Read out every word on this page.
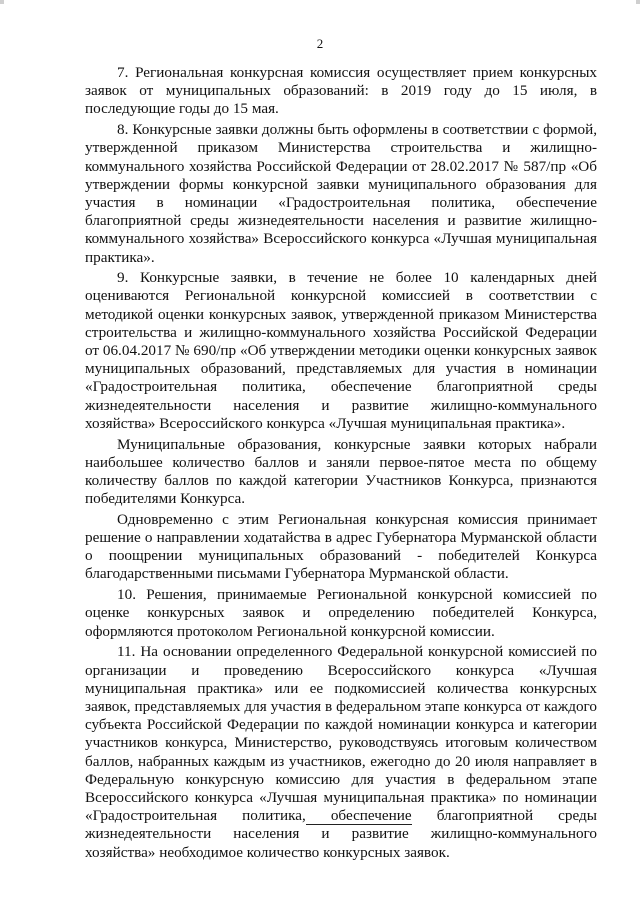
2

7. Региональная конкурсная комиссия осуществляет прием конкурсных заявок от муниципальных образований: в 2019 году до 15 июля, в последующие годы до 15 мая.

8. Конкурсные заявки должны быть оформлены в соответствии с формой, утвержденной приказом Министерства строительства и жилищно-коммунального хозяйства Российской Федерации от 28.02.2017 № 587/пр «Об утверждении формы конкурсной заявки муниципального образования для участия в номинации «Градостроительная политика, обеспечение благоприятной среды жизнедеятельности населения и развитие жилищно-коммунального хозяйства» Всероссийского конкурса «Лучшая муниципальная практика».

9. Конкурсные заявки, в течение не более 10 календарных дней оцениваются Региональной конкурсной комиссией в соответствии с методикой оценки конкурсных заявок, утвержденной приказом Министерства строительства и жилищно-коммунального хозяйства Российской Федерации от 06.04.2017 № 690/пр «Об утверждении методики оценки конкурсных заявок муниципальных образований, представляемых для участия в номинации «Градостроительная политика, обеспечение благоприятной среды жизнедеятельности населения и развитие жилищно-коммунального хозяйства» Всероссийского конкурса «Лучшая муниципальная практика».

Муниципальные образования, конкурсные заявки которых набрали наибольшее количество баллов и заняли первое-пятое места по общему количеству баллов по каждой категории Участников Конкурса, признаются победителями Конкурса.

Одновременно с этим Региональная конкурсная комиссия принимает решение о направлении ходатайства в адрес Губернатора Мурманской области о поощрении муниципальных образований - победителей Конкурса благодарственными письмами Губернатора Мурманской области.

10. Решения, принимаемые Региональной конкурсной комиссией по оценке конкурсных заявок и определению победителей Конкурса, оформляются протоколом Региональной конкурсной комиссии.

11. На основании определенного Федеральной конкурсной комиссией по организации и проведению Всероссийского конкурса «Лучшая муниципальная практика» или ее подкомиссией количества конкурсных заявок, представляемых для участия в федеральном этапе конкурса от каждого субъекта Российской Федерации по каждой номинации конкурса и категории участников конкурса, Министерство, руководствуясь итоговым количеством баллов, набранных каждым из участников, ежегодно до 20 июля направляет в Федеральную конкурсную комиссию для участия в федеральном этапе Всероссийского конкурса «Лучшая муниципальная практика» по номинации «Градостроительная политика, обеспечение благоприятной среды жизнедеятельности населения и развитие жилищно-коммунального хозяйства» необходимое количество конкурсных заявок.
